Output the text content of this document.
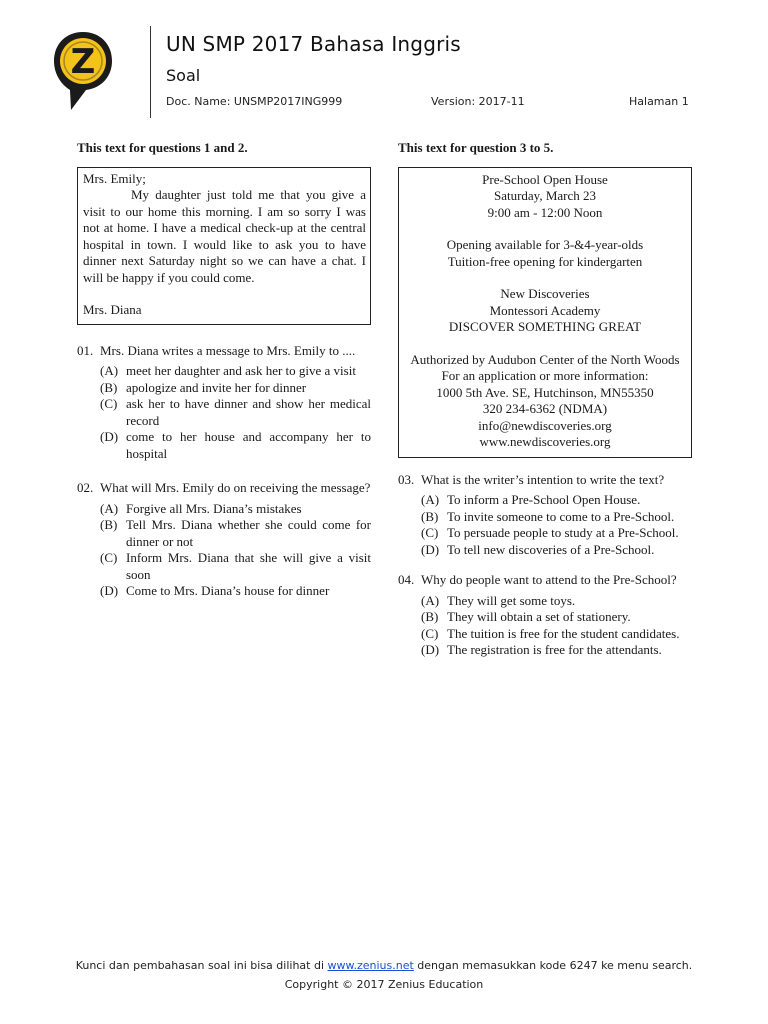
Z	UN SMP 2017 Bahasa Inggris
Soal
Doc. Name: UNSMP2017ING999	Version: 2017-11	Halaman 1
This text for questions 1 and 2.

Mrs. Emily;

My daughter just told me that you give a visit to our home this morning. I am so sorry I was not at home. I have a medical check-up at the central hospital in town. I would like to ask you to have dinner next Saturday night so we can have a chat. I will be happy if you could come.

Mrs. Diana

01. Mrs. Diana writes a message to Mrs. Emily to ....
(A) meet her daughter and ask her to give a visit
(B) apologize and invite her for dinner
(C) ask her to have dinner and show her medical record
(D) come to her house and accompany her to hospital
02. What will Mrs. Emily do on receiving the message?
(A) Forgive all Mrs. Diana’s mistakes
(B) Tell Mrs. Diana whether she could come for dinner or not
(C) Inform Mrs. Diana that she will give a visit soon
(D) Come to Mrs. Diana’s house for dinner
This text for question 3 to 5.
Pre-School Open House
Saturday, March 23
9:00 am - 12:00 Noon
Opening available for 3-&4-year-olds
Tuition-free opening for kindergarten
New Discoveries
Montessori Academy
DISCOVER SOMETHING GREAT
Authorized by Audubon Center of the North Woods
For an application or more information:
1000 5th Ave. SE, Hutchinson, MN55350
320 234-6362 (NDMA)
info@newdiscoveries.org
www.newdiscoveries.org
03. What is the writer’s intention to write the text?
(A) To inform a Pre-School Open House.
(B) To invite someone to come to a Pre-School.
(C) To persuade people to study at a Pre-School.
(D) To tell new discoveries of a Pre-School.
04. Why do people want to attend to the Pre-School?
(A) They will get some toys.
(B) They will obtain a set of stationery.
(C) The tuition is free for the student candidates.
(D) The registration is free for the attendants.
Kunci dan pembahasan soal ini bisa dilihat di www.zenius.net dengan memasukkan kode 6247 ke menu search.
Copyright © 2017 Zenius Education
